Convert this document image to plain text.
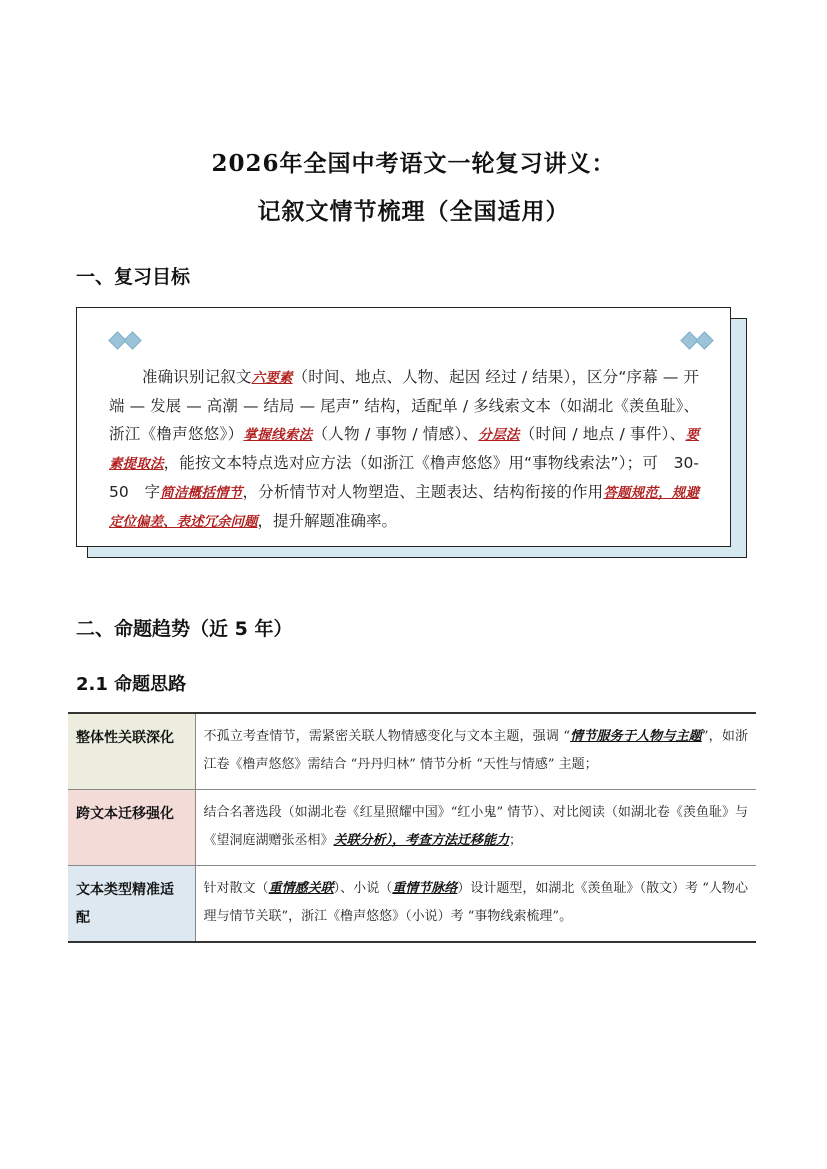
2026年全国中考语文一轮复习讲义：
记叙文情节梳理（全国适用）
一、复习目标
准确识别记叙文六要素（时间、地点、人物、起因 经过 / 结果），区分“序幕 — 开端 — 发展 — 高潮 — 结局 — 尾声” 结构，适配单 / 多线索文本（如湖北《羡鱼耻》、浙江《橹声悠悠》）掌握线索法（人物 / 事物 / 情感）、分层法（时间 / 地点 / 事件）、要素提取法，能按文本特点选对应方法（如浙江《橹声悠悠》用“事物线索法”）；可　30-50　字简洁概括情节，分析情节对人物塑造、主题表达、结构衔接的作用答题规范，规避定位偏差、表述冗余问题，提升解题准确率。
二、命题趋势（近 5 年）
2.1 命题思路
整体性关联深化	不孤立考查情节，需紧密关联人物情感变化与文本主题，强调 “情节服务于人物与主题”，如浙江卷《橹声悠悠》需结合 “丹丹归林” 情节分析 “天性与情感” 主题；
跨文本迁移强化	结合名著选段（如湖北卷《红星照耀中国》“红小鬼” 情节）、对比阅读（如湖北卷《羡鱼耻》与《望洞庭湖赠张丞相》关联分析），考查方法迁移能力；
文本类型精准适配	针对散文（重情感关联）、小说（重情节脉络）设计题型，如湖北《羡鱼耻》（散文）考 “人物心理与情节关联”，浙江《橹声悠悠》（小说）考 “事物线索梳理”。
